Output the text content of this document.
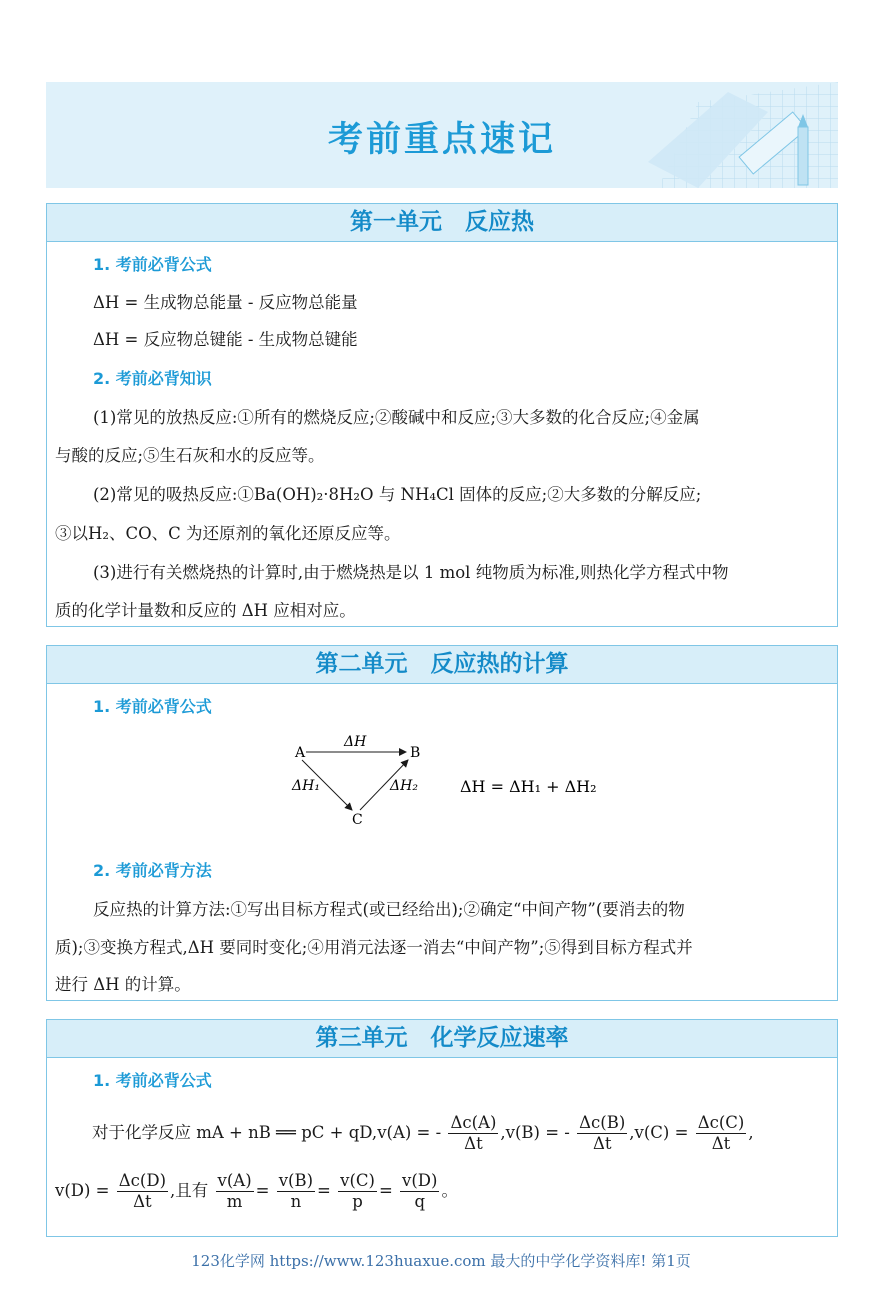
考前重点速记
第一单元　反应热
1. 考前必背公式
ΔH = 生成物总能量 - 反应物总能量
ΔH = 反应物总键能 - 生成物总键能
2. 考前必背知识
(1)常见的放热反应:①所有的燃烧反应;②酸碱中和反应;③大多数的化合反应;④金属
与酸的反应;⑤生石灰和水的反应等。
(2)常见的吸热反应:①Ba(OH)₂·8H₂O 与 NH₄Cl 固体的反应;②大多数的分解反应;
③以H₂、CO、C 为还原剂的氧化还原反应等。
(3)进行有关燃烧热的计算时,由于燃烧热是以 1 mol 纯物质为标准,则热化学方程式中物
质的化学计量数和反应的 ΔH 应相对应。
第二单元　反应热的计算
1. 考前必背公式
2. 考前必背方法
反应热的计算方法:①写出目标方程式(或已经给出);②确定“中间产物”(要消去的物
质);③变换方程式,ΔH 要同时变化;④用消元法逐一消去“中间产物”;⑤得到目标方程式并
进行 ΔH 的计算。
A	B
C
ΔH
ΔH₁	ΔH₂	ΔH = ΔH₁ + ΔH₂
第三单元　化学反应速率
1. 考前必背公式
对于化学反应 mA + nB ══ pC + qD,v(A) = - $\frac{\Delta c(A)}{\Delta t} ,v(B)$ = - $\frac{\Delta c(B)}{\Delta t} ,v(C) = \frac{\Delta c(C)}{\Delta t}$ ,
$v(D) = \frac{\Delta c(D)}{\Delta t}$ ,且有 $\frac{v(A)}{m} = \frac{v(B)}{n} = \frac{v(C)}{p} = \frac{v(D)}{q}$ 。
123化学网 https://www.123huaxue.com 最大的中学化学资料库! 第1页
